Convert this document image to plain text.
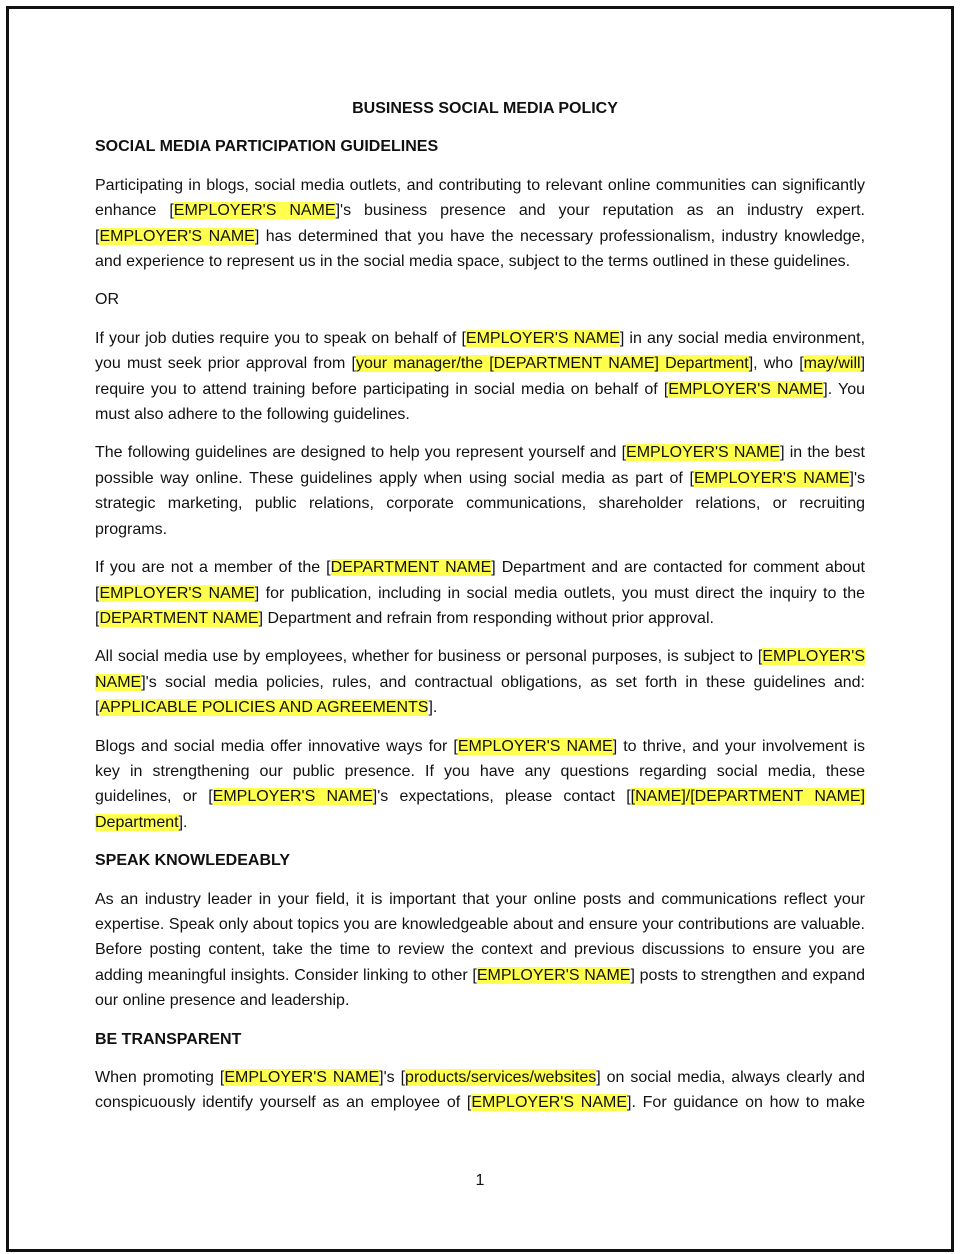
BUSINESS SOCIAL MEDIA POLICY
SOCIAL MEDIA PARTICIPATION GUIDELINES
Participating in blogs, social media outlets, and contributing to relevant online communities can significantly enhance [EMPLOYER'S NAME]'s business presence and your reputation as an industry expert. [EMPLOYER'S NAME] has determined that you have the necessary professionalism, industry knowledge, and experience to represent us in the social media space, subject to the terms outlined in these guidelines.
OR
If your job duties require you to speak on behalf of [EMPLOYER'S NAME] in any social media environment, you must seek prior approval from [your manager/the [DEPARTMENT NAME] Department], who [may/will] require you to attend training before participating in social media on behalf of [EMPLOYER'S NAME]. You must also adhere to the following guidelines.
The following guidelines are designed to help you represent yourself and [EMPLOYER'S NAME] in the best possible way online. These guidelines apply when using social media as part of [EMPLOYER'S NAME]'s strategic marketing, public relations, corporate communications, shareholder relations, or recruiting programs.
If you are not a member of the [DEPARTMENT NAME] Department and are contacted for comment about [EMPLOYER'S NAME] for publication, including in social media outlets, you must direct the inquiry to the [DEPARTMENT NAME] Department and refrain from responding without prior approval.
All social media use by employees, whether for business or personal purposes, is subject to [EMPLOYER'S NAME]'s social media policies, rules, and contractual obligations, as set forth in these guidelines and: [APPLICABLE POLICIES AND AGREEMENTS].
Blogs and social media offer innovative ways for [EMPLOYER'S NAME] to thrive, and your involvement is key in strengthening our public presence. If you have any questions regarding social media, these guidelines, or [EMPLOYER'S NAME]'s expectations, please contact [[NAME]/[DEPARTMENT NAME] Department].
SPEAK KNOWLEDEABLY
As an industry leader in your field, it is important that your online posts and communications reflect your expertise. Speak only about topics you are knowledgeable about and ensure your contributions are valuable. Before posting content, take the time to review the context and previous discussions to ensure you are adding meaningful insights. Consider linking to other [EMPLOYER'S NAME] posts to strengthen and expand our online presence and leadership.
BE TRANSPARENT
When promoting [EMPLOYER'S NAME]'s [products/services/websites] on social media, always clearly and conspicuously identify yourself as an employee of [EMPLOYER'S NAME]. For guidance on how to make
1
